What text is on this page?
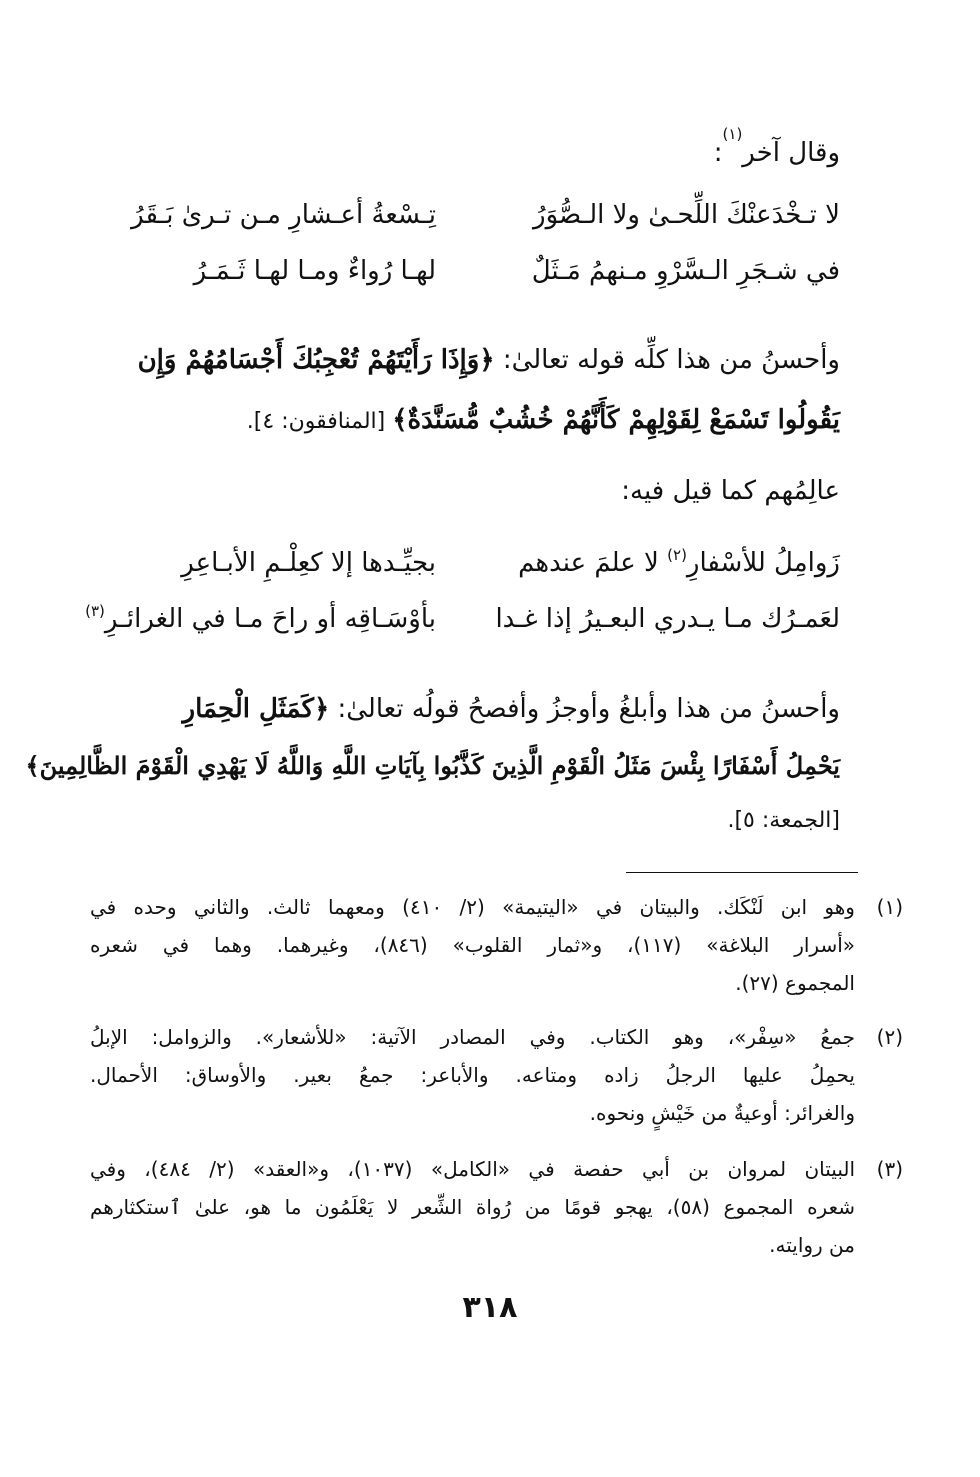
وقال آخر$^{(١)}$:
لا تـخْدَعنْكَ اللِّحـىٰ ولا الـصُّوَرُ
تِـسْعةُ أعـشارِ مـن تـرىٰ بَـقَرُ
في شـجَرِ الـسَّرْوِ مـنهمُ مَـثَلٌ
لهـا رُواءٌ ومـا لهـا ثَـمَـرُ
وأحسنُ من هذا كلِّه قوله تعالىٰ: ﴿وَإِذَا رَأَيْتَهُمْ تُعْجِبُكَ أَجْسَامُهُمْ وَإِن
يَقُولُوا تَسْمَعْ لِقَوْلِهِمْ كَأَنَّهُمْ خُشُبٌ مُّسَنَّدَةٌ﴾ [المنافقون: ٤].
عالِمُهم كما قيل فيه:
زَوامِلُ للأسْفارِ$^{(٢)}$ لا علمَ عندهم
بجيِّـدها إلا كعِلْـمِ الأبـاعِرِ
لعَمـرُك مـا يـدري البعـيرُ إذا غـدا
بأوْسَـاقِه أو راحَ مـا في الغرائـرِ$^{(٣)}$
وأحسنُ من هذا وأبلغُ وأوجزُ وأفصحُ قولُه تعالىٰ: ﴿كَمَثَلِ الْحِمَارِ
يَحْمِلُ أَسْفَارًا بِئْسَ مَثَلُ الْقَوْمِ الَّذِينَ كَذَّبُوا بِآيَاتِ اللَّهِ وَاللَّهُ لَا يَهْدِي الْقَوْمَ الظَّالِمِينَ﴾
[الجمعة: ٥].
(١)
وهو ابن لَنْكَك. والبيتان في «اليتيمة» (٢/ ٤١٠) ومعهما ثالث. والثاني وحده في
«أسرار البلاغة» (١١٧)، و«ثمار القلوب» (٨٤٦)، وغيرهما. وهما في شعره
المجموع (٢٧).
(٢)
جمعُ «سِفْر»، وهو الكتاب. وفي المصادر الآتية: «للأشعار». والزوامل: الإبلُ
يحمِلُ عليها الرجلُ زاده ومتاعه. والأباعر: جمعُ بعير. والأوساق: الأحمال.
والغرائر: أوعيةٌ من خَيْشٍ ونحوه.
(٣)
البيتان لمروان بن أبي حفصة في «الكامل» (١٠٣٧)، و«العقد» (٢/ ٤٨٤)، وفي
شعره المجموع (٥٨)، يهجو قومًا من رُواة الشِّعر لا يَعْلَمُون ما هو، علىٰ ٱستكثارهم
من روايته.
٣١٨
